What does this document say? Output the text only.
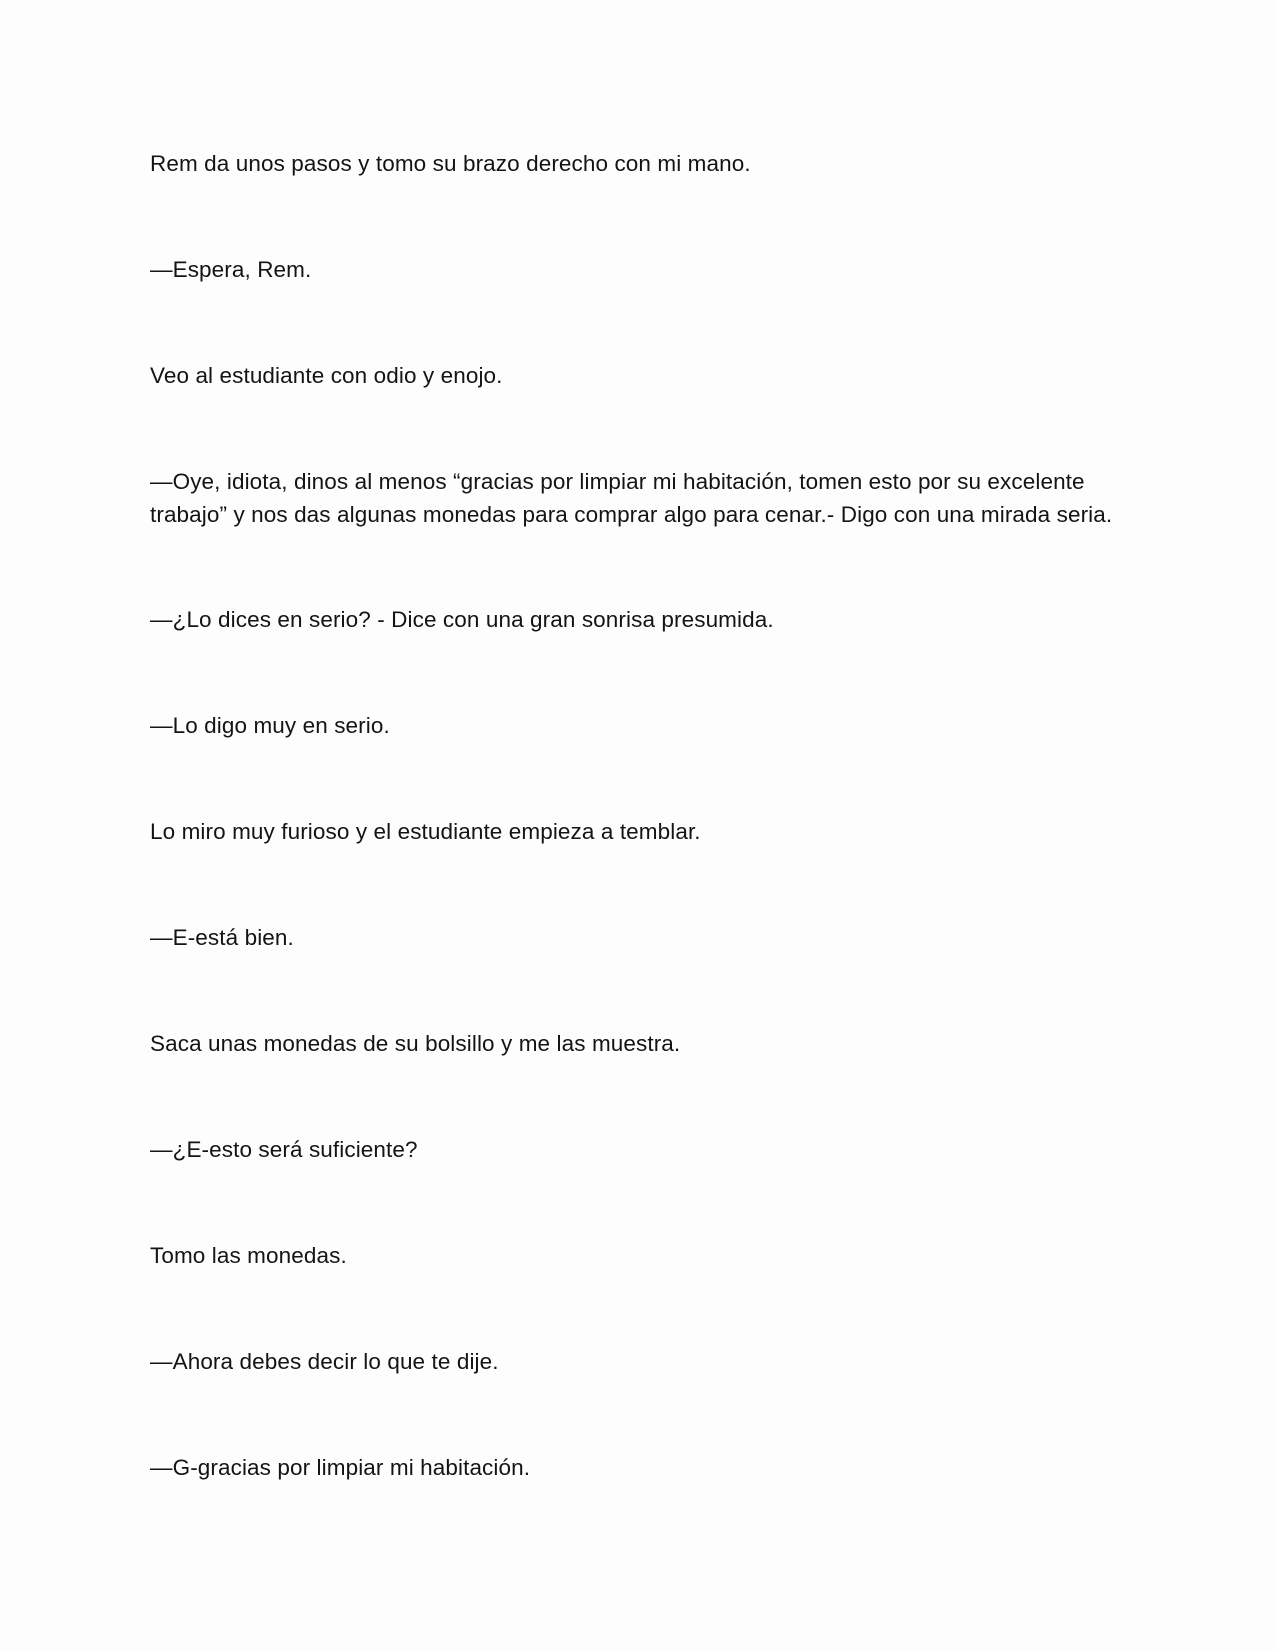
Rem da unos pasos y tomo su brazo derecho con mi mano.

—Espera, Rem.

Veo al estudiante con odio y enojo.

—Oye, idiota, dinos al menos “gracias por limpiar mi habitación, tomen esto por su excelente trabajo” y nos das algunas monedas para comprar algo para cenar.- Digo con una mirada seria.

—¿Lo dices en serio? - Dice con una gran sonrisa presumida.

—Lo digo muy en serio.

Lo miro muy furioso y el estudiante empieza a temblar.

—E-está bien.

Saca unas monedas de su bolsillo y me las muestra.

—¿E-esto será suficiente?

Tomo las monedas.

—Ahora debes decir lo que te dije.

—G-gracias por limpiar mi habitación.
